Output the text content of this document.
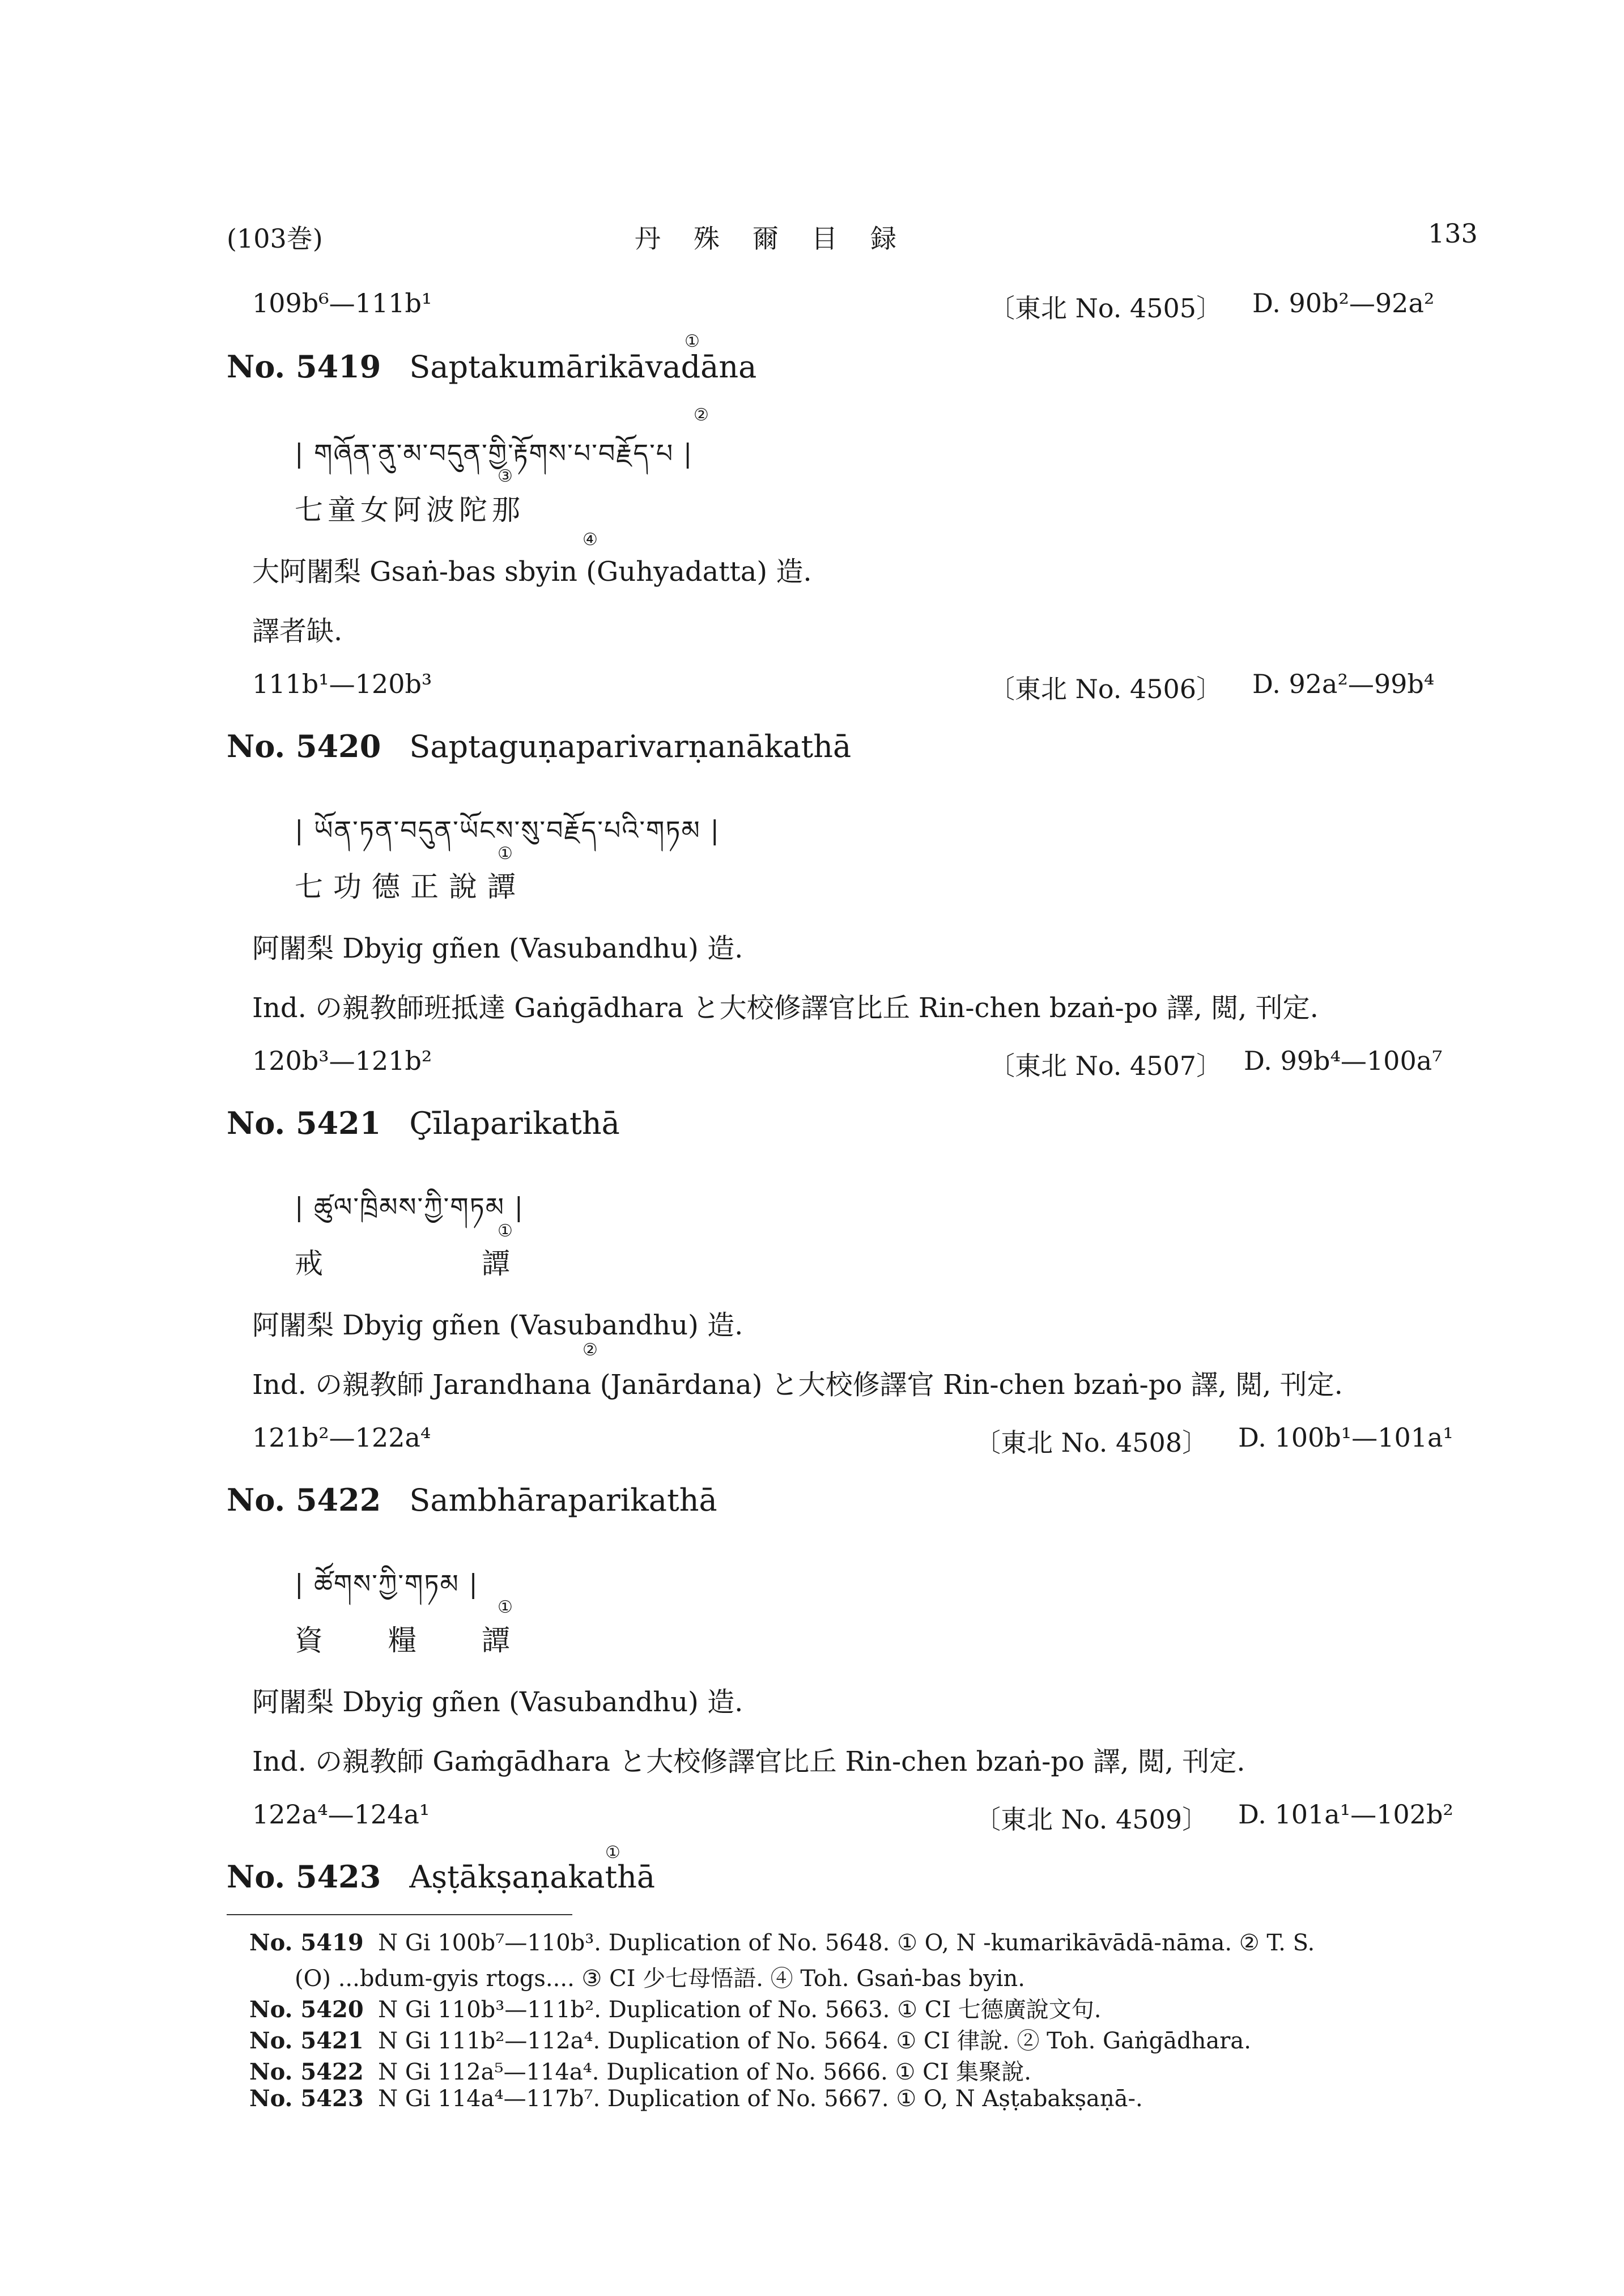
(103巻)	丹　殊　爾　目　録	133
109b⁶—111b¹	〔東北 No. 4505〕 D. 90b²—92a²
No. 5419 Saptakumārikāvadāna
①
| གཞོན་ནུ་མ་བདུན་གྱི་རྟོགས་པ་བརྗོད་པ |
②
七童女阿波陀那
③
大阿闍梨 Gsaṅ-bas sbyin (Guhyadatta) 造.
④
譯者缺.
111b¹—120b³	〔東北 No. 4506〕 D. 92a²—99b⁴
No. 5420 Saptaguṇaparivarṇanākathā
| ཡོན་ཏན་བདུན་ཡོངས་སུ་བརྗོད་པའི་གཏམ |
七功德正說譚
①
阿闍梨 Dbyig gñen (Vasubandhu) 造.
Ind. の親教師班抵達 Gaṅgādhara と大校修譯官比丘 Rin-chen bzaṅ-po 譯, 閲, 刊定.
120b³—121b²	〔東北 No. 4507〕 D. 99b⁴—100a⁷
No. 5421 Çīlaparikathā
| ཚུལ་ཁྲིམས་ཀྱི་གཏམ |
戒	譚
①
阿闍梨 Dbyig gñen (Vasubandhu) 造.
②
Ind. の親教師 Jarandhana (Janārdana) と大校修譯官 Rin-chen bzaṅ-po 譯, 閲, 刊定.
121b²—122a⁴	〔東北 No. 4508〕 D. 100b¹—101a¹
No. 5422 Sambhāraparikathā
| ཚོགས་ཀྱི་གཏམ |
資 糧 譚
①
阿闍梨 Dbyig gñen (Vasubandhu) 造.
Ind. の親教師 Gaṁgādhara と大校修譯官比丘 Rin-chen bzaṅ-po 譯, 閲, 刊定.
122a⁴—124a¹	〔東北 No. 4509〕 D. 101a¹—102b²
No. 5423 Aṣṭākṣaṇakathā
①
No. 5419 N Gi 100b⁷—110b³. Duplication of No. 5648. ① O, N -kumarikāvādā-nāma. ② T. S.
(O) ...bdum-gyis rtogs.... ③ CI 少七母悟語. ④ Toh. Gsaṅ-bas byin.
No. 5420 N Gi 110b³—111b². Duplication of No. 5663. ① CI 七德廣說文句.
No. 5421 N Gi 111b²—112a⁴. Duplication of No. 5664. ① CI 律說. ② Toh. Gaṅgādhara.
No. 5422 N Gi 112a⁵—114a⁴. Duplication of No. 5666. ① CI 集聚說.
No. 5423 N Gi 114a⁴—117b⁷. Duplication of No. 5667. ① O, N Aṣṭabakṣaṇā-.
